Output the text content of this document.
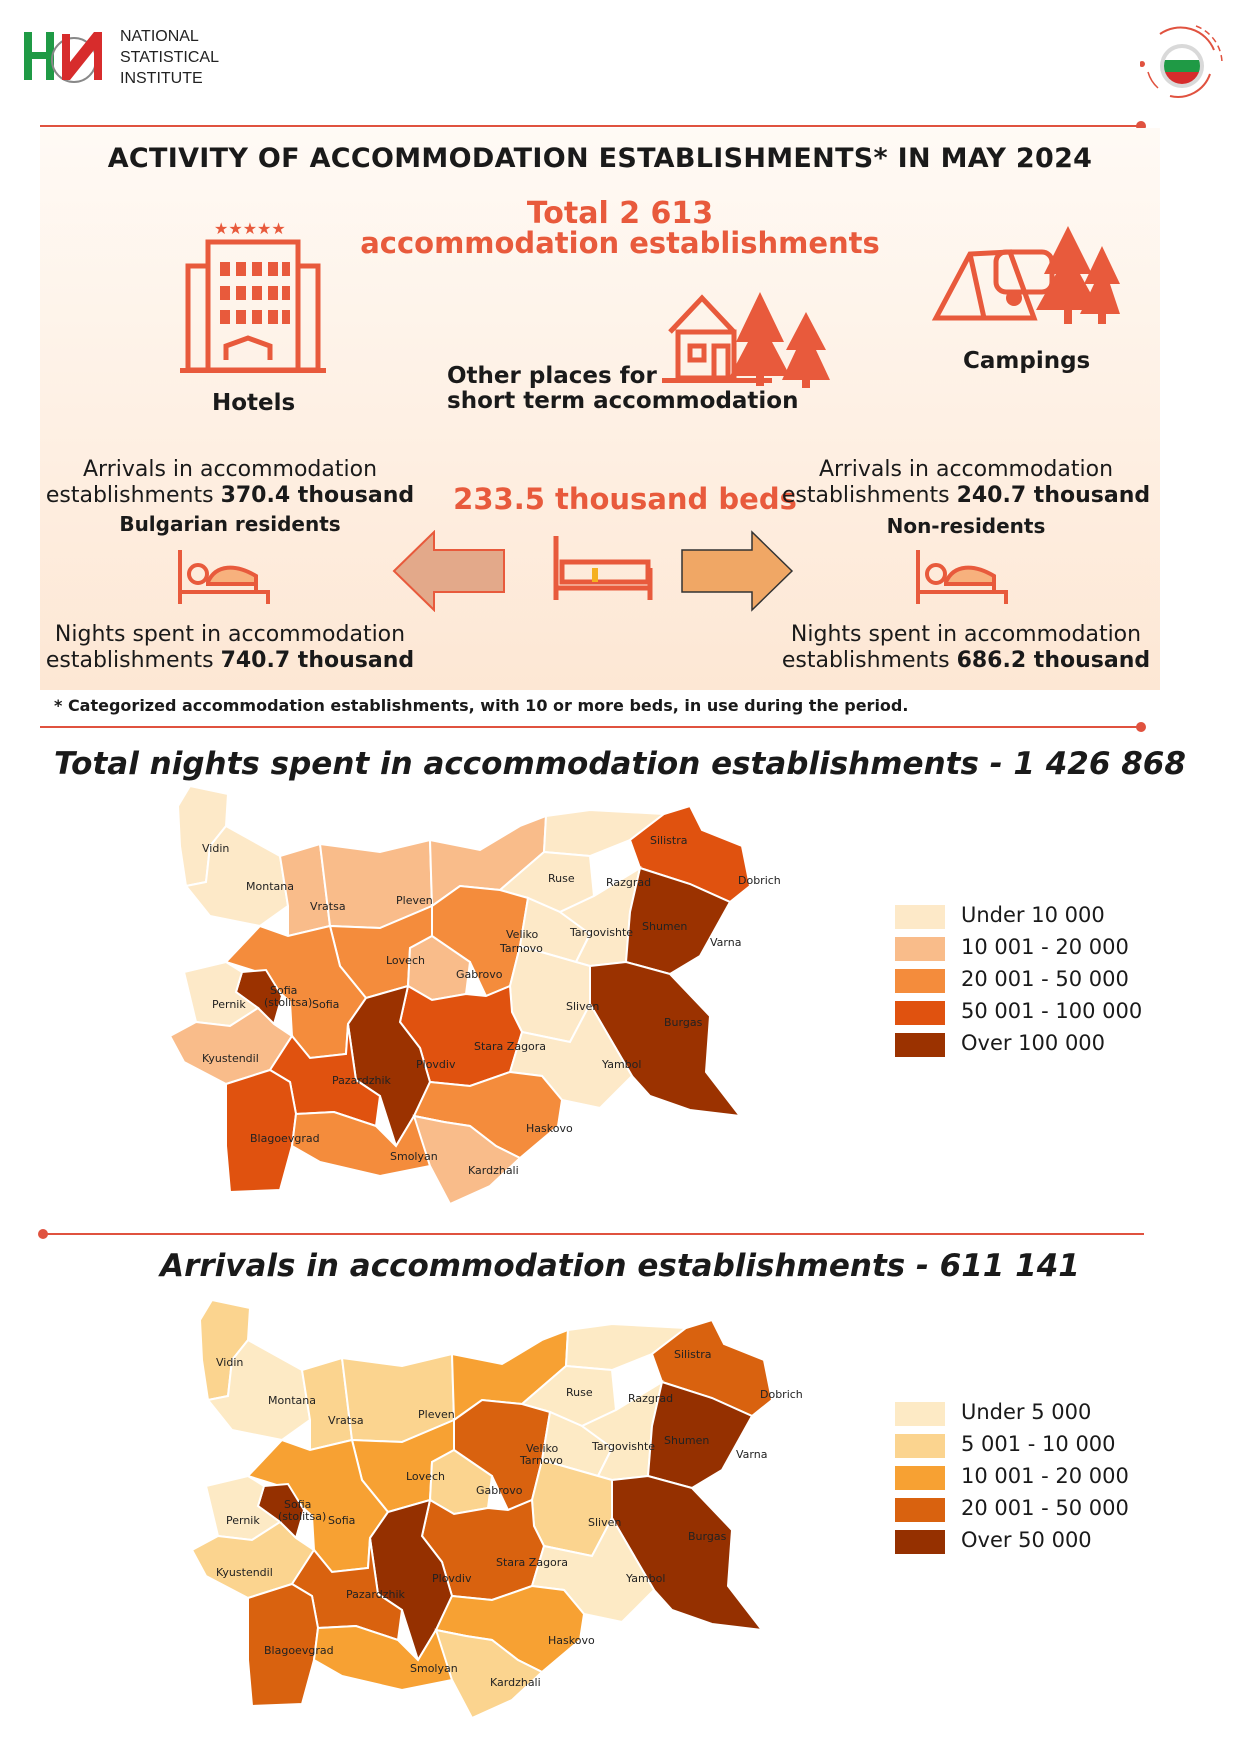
NATIONAL
STATISTICAL
INSTITUTE
ACTIVITY OF ACCOMMODATION ESTABLISHMENTS* IN MAY 2024
Total 2 613
accommodation establishments
★★★★★
Hotels
Other places for
short term accommodation
Campings
Arrivals in accommodation
establishments 370.4 thousand
Bulgarian residents
Nights spent in accommodation
establishments 740.7 thousand
233.5 thousand beds
Arrivals in accommodation
establishments 240.7 thousand
Non-residents
Nights spent in accommodation
establishments 686.2 thousand
* Categorized accommodation establishments, with 10 or more beds, in use during the period.
Total nights spent in accommodation establishments - 1 426 868
Vidin
Montana
Vratsa	Pleven
Ruse
Silistra
Razgrad	Dobrich
Veliko
Tarnovo
Targovishte Shumen
Varna
Lovech
Gabrovo
Sofia
Sofia
(stolitsa)
Pernik
Kyustendil
Sliven
Burgas
Stara Zagora
Yambol
Plovdiv
Pazardzhik
Blagoevgrad
Haskovo
Smolyan
Kardzhali
Under 10 000
10 001 - 20 000
20 001 - 50 000
50 001 - 100 000
Over 100 000
Arrivals in accommodation establishments - 611 141
Vidin
Montana
Vratsa	Pleven
Ruse
Silistra
Razgrad	Dobrich
Veliko
Tarnovo
Targovishte Shumen
Varna
Lovech
Gabrovo
Sofia
Sofia
(stolitsa)
Pernik
Kyustendil
Sliven
Burgas
Stara Zagora
Yambol
Plovdiv
Pazardzhik
Blagoevgrad
Haskovo
Smolyan
Kardzhali
Under 5 000
5 001 - 10 000
10 001 - 20 000
20 001 - 50 000
Over 50 000
